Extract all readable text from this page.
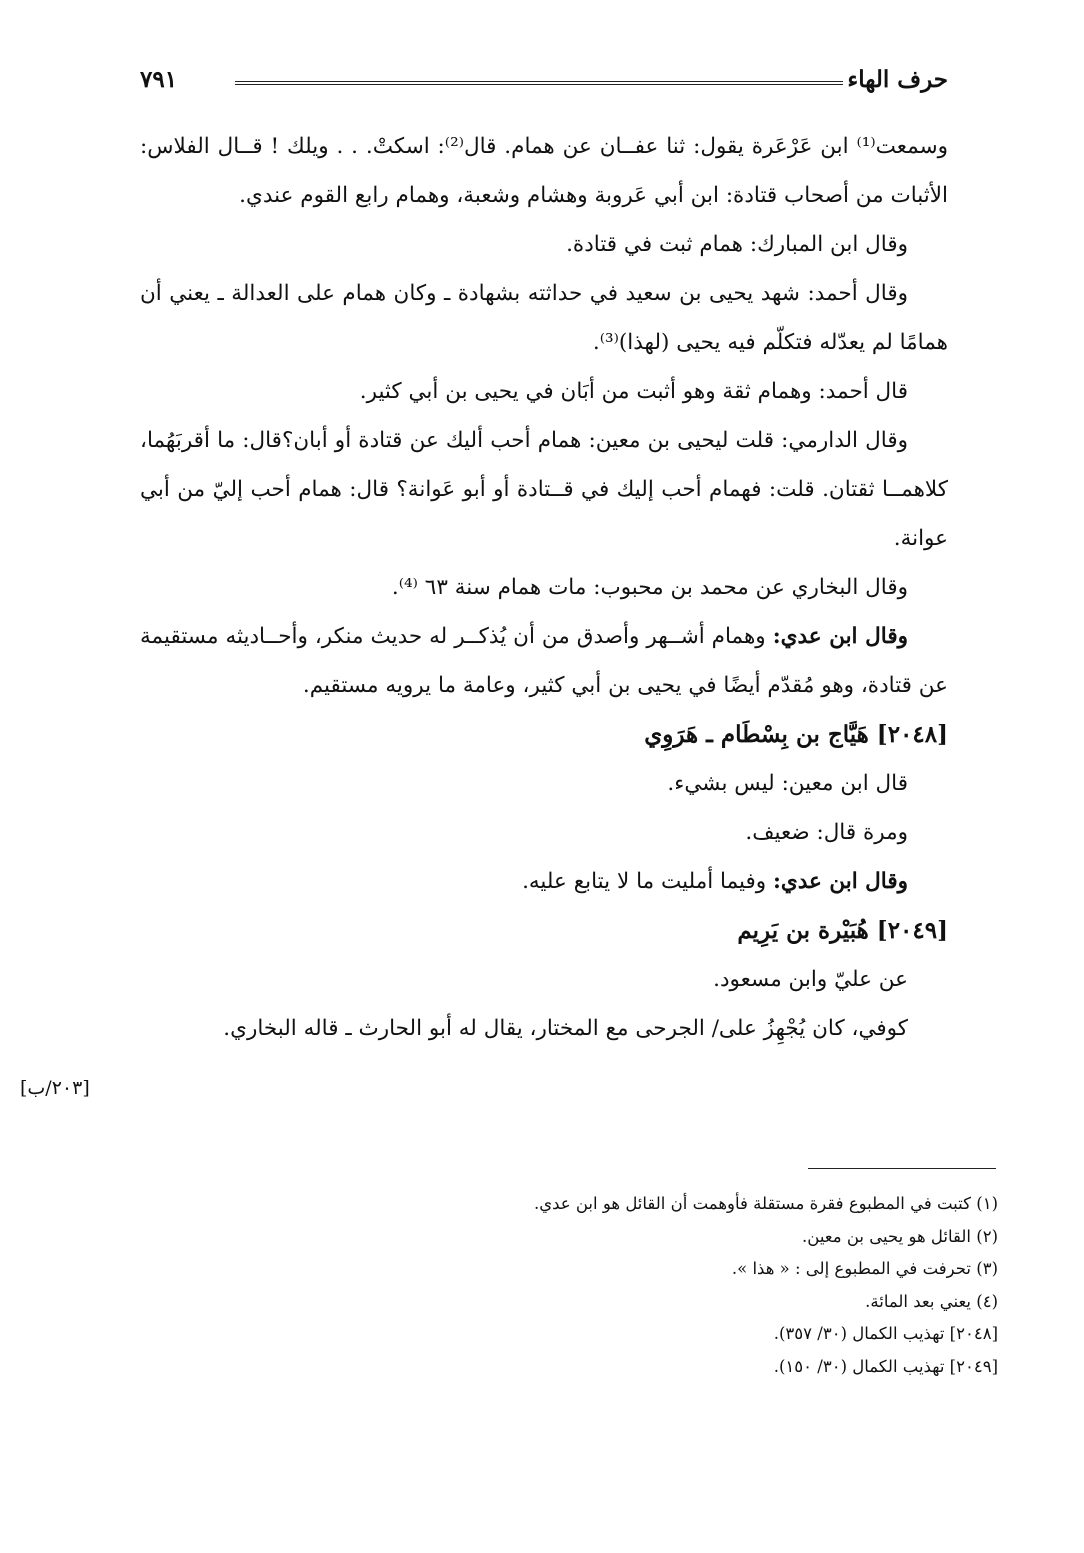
حرف الهاء
٧٩١

وسمعت⁽¹⁾ ابن عَرْعَرة يقول: ثنا عفــان عن همام. قال⁽²⁾: اسكتْ. . . ويلك ! قــال الفلاس: الأثبات من أصحاب قتادة: ابن أبي عَروبة وهشام وشعبة، وهمام رابع القوم عندي.

وقال ابن المبارك: همام ثبت في قتادة.

وقال أحمد: شهد يحيى بن سعيد في حداثته بشهادة ـ وكان همام على العدالة ـ يعني أن همامًا لم يعدّله فتكلّم فيه يحيى (لهذا)⁽³⁾.

قال أحمد: وهمام ثقة وهو أثبت من أبَان في يحيى بن أبي كثير.

وقال الدارمي: قلت ليحيى بن معين: همام أحب أليك عن قتادة أو أبان؟قال: ما أقربَهُما، كلاهمــا ثقتان. قلت: فهمام أحب إليك في قــتادة أو أبو عَوانة؟ قال: همام أحب إليّ من أبي عوانة.

وقال البخاري عن محمد بن محبوب: مات همام سنة ٦٣ ⁽⁴⁾.

وقال ابن عدي: وهمام أشــهر وأصدق من أن يُذكــر له حديث منكر، وأحــاديثه مستقيمة عن قتادة، وهو مُقدّم أيضًا في يحيى بن أبي كثير، وعامة ما يرويه مستقيم.

[٢٠٤٨] هَيَّاج بن بِسْطَام ـ هَرَوِي

قال ابن معين: ليس بشيء.

ومرة قال: ضعيف.

وقال ابن عدي: وفيما أمليت ما لا يتابع عليه.

[٢٠٤٩] هُبَيْرة بن يَرِيم

عن عليّ وابن مسعود.

كوفي، كان يُجْهِزُ على/ الجرحى مع المختار، يقال له أبو الحارث ـ قاله البخاري.

[٢٠٣/ب]

(١) كتبت في المطبوع فقرة مستقلة فأوهمت أن القائل هو ابن عدي.

(٢) القائل هو يحيى بن معين.

(٣) تحرفت في المطبوع إلى : « هذا ».

(٤) يعني بعد المائة.

[٢٠٤٨] تهذيب الكمال (٣٠/ ٣٥٧).

[٢٠٤٩] تهذيب الكمال (٣٠/ ١٥٠).
